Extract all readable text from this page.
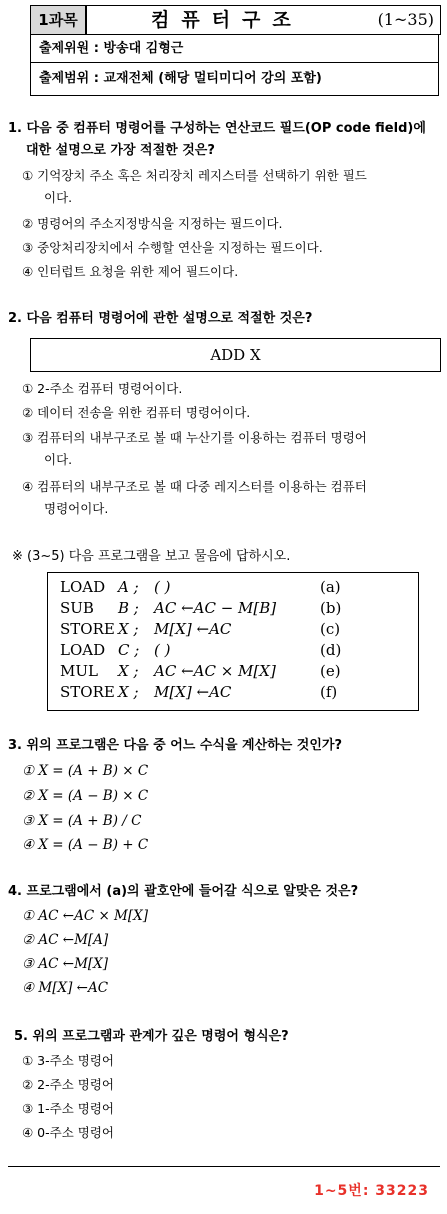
1과목	컴퓨터구조	(1~35)
출제위원 : 방송대 김형근
출제범위 : 교재전체 (해당 멀티미디어 강의 포함)
1. 다음 중 컴퓨터 명령어를 구성하는 연산코드 필드(OP code field)에
대한 설명으로 가장 적절한 것은?
① 기억장치 주소 혹은 처리장치 레지스터를 선택하기 위한 필드
이다.
② 명령어의 주소지정방식을 지정하는 필드이다.
③ 중앙처리장치에서 수행할 연산을 지정하는 필드이다.
④ 인터럽트 요청을 위한 제어 필드이다.
2. 다음 컴퓨터 명령어에 관한 설명으로 적절한 것은?
ADD X
① 2-주소 컴퓨터 명령어이다.
② 데이터 전송을 위한 컴퓨터 명령어이다.
③ 컴퓨터의 내부구조로 볼 때 누산기를 이용하는 컴퓨터 명령어
이다.
④ 컴퓨터의 내부구조로 볼 때 다중 레지스터를 이용하는 컴퓨터
명령어이다.
※ (3~5) 다음 프로그램을 보고 물음에 답하시오.
LOAD A ; ( )	(a)
SUB B ; AC ←AC − M[B]	(b)
STORE X ; M[X] ←AC	(c)
LOAD C ; ( )	(d)
MUL X ; AC ←AC × M[X]	(e)
STORE X ; M[X] ←AC	(f)
3. 위의 프로그램은 다음 중 어느 수식을 계산하는 것인가?
① X = (A + B) × C
② X = (A − B) × C
③ X = (A + B) / C
④ X = (A − B) + C
4. 프로그램에서 (a)의 괄호안에 들어갈 식으로 알맞은 것은?
① AC ←AC × M[X]
② AC ←M[A]
③ AC ←M[X]
④ M[X] ←AC
5. 위의 프로그램과 관계가 깊은 명령어 형식은?
① 3-주소 명령어
② 2-주소 명령어
③ 1-주소 명령어
④ 0-주소 명령어
1~5번: 33223
